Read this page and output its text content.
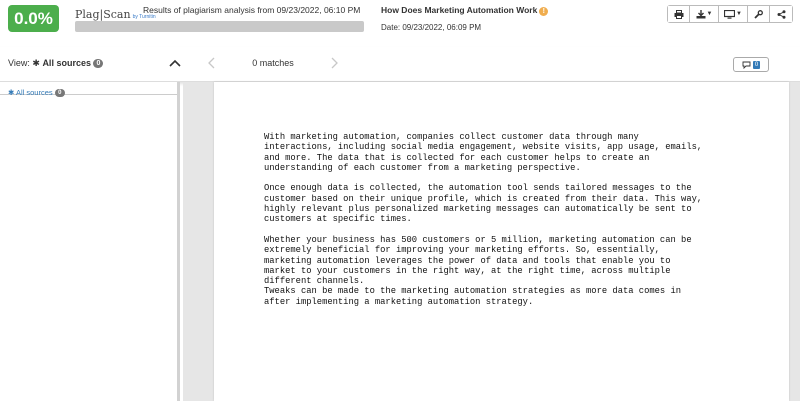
0.0%	Plag|Scan by Turnitin
Results of plagiarism analysis from 09/23/2022, 06:10 PM How Does Marketing Automation Work !
Date: 09/23/2022, 06:09 PM
▼	▼
View: ✱ All sources 0	0 matches	0
✱ All sources 0
With marketing automation, companies collect customer data through many
interactions, including social media engagement, website visits, app usage, emails,
and more. The data that is collected for each customer helps to create an
understanding of each customer from a marketing perspective.
Once enough data is collected, the automation tool sends tailored messages to the
customer based on their unique profile, which is created from their data. This way,
highly relevant plus personalized marketing messages can automatically be sent to
customers at specific times.
Whether your business has 500 customers or 5 million, marketing automation can be
extremely beneficial for improving your marketing efforts. So, essentially,
marketing automation leverages the power of data and tools that enable you to
market to your customers in the right way, at the right time, across multiple
different channels.
Tweaks can be made to the marketing automation strategies as more data comes in
after implementing a marketing automation strategy.
